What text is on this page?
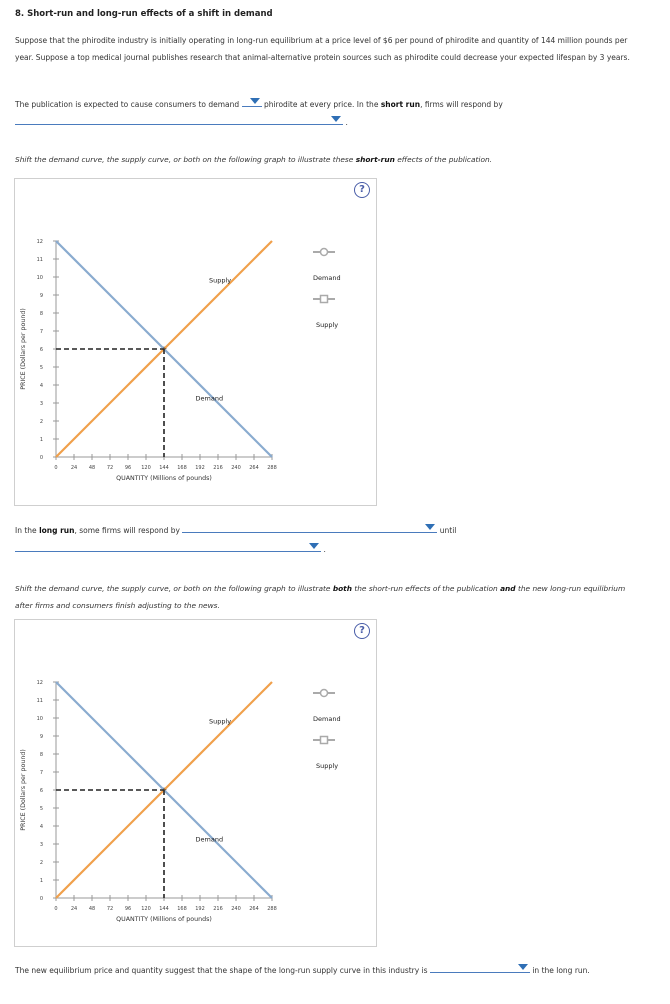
8. Short-run and long-run effects of a shift in demand
Suppose that the phirodite industry is initially operating in long-run equilibrium at a price level of $6 per pound of phirodite and quantity of 144 million pounds per year. Suppose a top medical journal publishes research that animal-alternative protein sources such as phirodite could decrease your expected lifespan by 3 years.
The publication is expected to cause consumers to demand	phirodite at every price. In the short run, firms will respond by
.
Shift the demand curve, the supply curve, or both on the following graph to illustrate these short-run effects of the publication.
?
0
1
2
3
4
5
6
7
8
9
10
11
12
0	24 48 72 96 120 144 168 192 216 240 264 288
PRICE (Dollars per pound)
QUANTITY (Millions of pounds)
+
Supply
Demand
Demand
Supply
In the long run, some firms will respond by	until
.
Shift the demand curve, the supply curve, or both on the following graph to illustrate both the short-run effects of the publication and the new long-run equilibrium after firms and consumers finish adjusting to the news.
?
0
1
2
3
4
5
6
7
8
9
10
11
12
0	24 48 72 96 120 144 168 192 216 240 264 288
PRICE (Dollars per pound)
QUANTITY (Millions of pounds)
+
Supply
Demand
Demand
Supply
The new equilibrium price and quantity suggest that the shape of the long-run supply curve in this industry is	in the long run.
